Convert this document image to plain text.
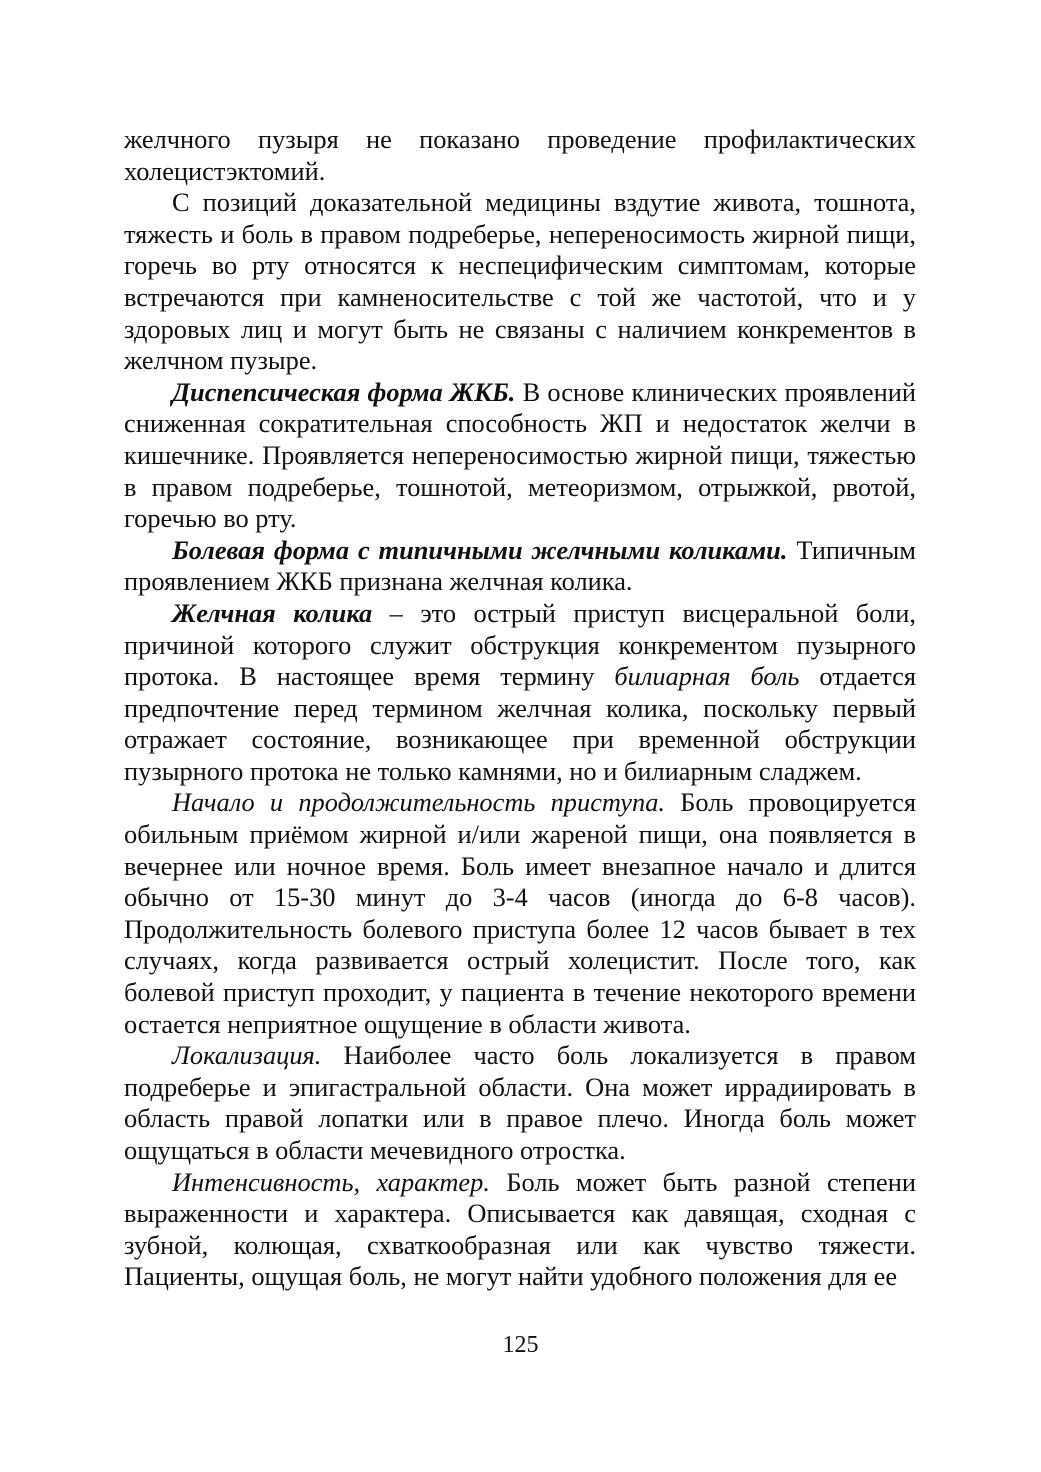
желчного пузыря не показано проведение профилактических холецистэктомий.

С позиций доказательной медицины вздутие живота, тошнота, тяжесть и боль в правом подреберье, непереносимость жирной пищи, горечь во рту относятся к неспецифическим симптомам, которые встречаются при камненосительстве с той же частотой, что и у здоровых лиц и могут быть не связаны с наличием конкрементов в желчном пузыре.

Диспепсическая форма ЖКБ. В основе клинических проявлений сниженная сократительная способность ЖП и недостаток желчи в кишечнике. Проявляется непереносимостью жирной пищи, тяжестью в правом подреберье, тошнотой, метеоризмом, отрыжкой, рвотой, горечью во рту.

Болевая форма с типичными желчными коликами. Типичным проявлением ЖКБ признана желчная колика.

Желчная колика – это острый приступ висцеральной боли, причиной которого служит обструкция конкрементом пузырного протока. В настоящее время термину билиарная боль отдается предпочтение перед термином желчная колика, поскольку первый отражает состояние, возникающее при временной обструкции пузырного протока не только камнями, но и билиарным сладжем.

Начало и продолжительность приступа. Боль провоцируется обильным приёмом жирной и/или жареной пищи, она появляется в вечернее или ночное время. Боль имеет внезапное начало и длится обычно от 15-30 минут до 3-4 часов (иногда до 6-8 часов). Продолжительность болевого приступа более 12 часов бывает в тех случаях, когда развивается острый холецистит. После того, как болевой приступ проходит, у пациента в течение некоторого времени остается неприятное ощущение в области живота.

Локализация. Наиболее часто боль локализуется в правом подреберье и эпигастральной области. Она может иррадиировать в область правой лопатки или в правое плечо. Иногда боль может ощущаться в области мечевидного отростка.

Интенсивность, характер. Боль может быть разной степени выраженности и характера. Описывается как давящая, сходная с зубной, колющая, схваткообразная или как чувство тяжести. Пациенты, ощущая боль, не могут найти удобного положения для ее

125
